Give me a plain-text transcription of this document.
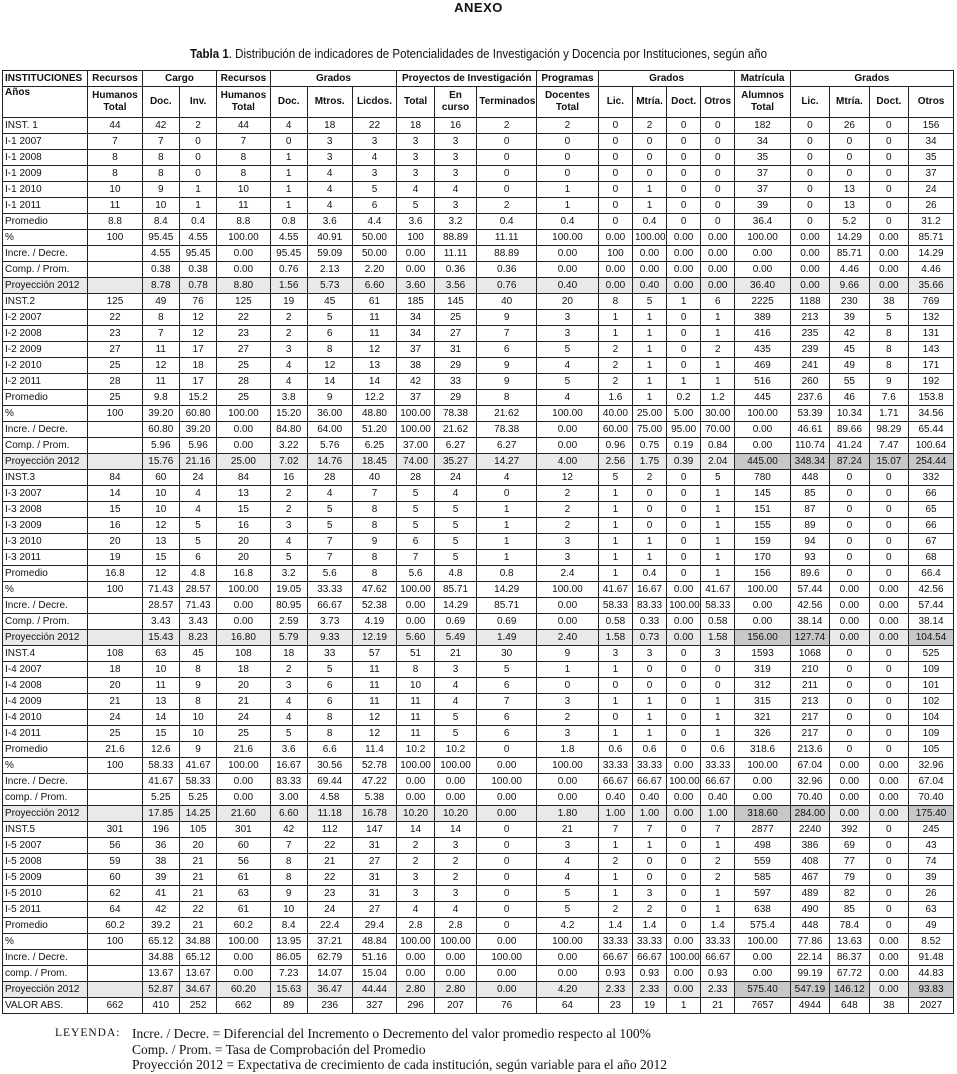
ANEXO
Tabla 1. Distribución de indicadores de Potencialidades de Investigación y Docencia por Instituciones, según año
INSTITUCIONES	Recursos	Cargo		Recursos	Grados			Proyectos de Investigación			Programas	Grados				Matrícula	Grados			
Años	Humanos Total	Doc.	Inv.	Humanos Total	Doc.	Mtros.	Licdos.	Total	En curso	Terminados	Docentes Total	Lic.	Mtría.	Doct.	Otros	Alumnos Total	Lic.	Mtría.	Doct.	Otros
INST. 1	44	42	2	44	4	18	22	18	16	2	2	0	2	0	0	182	0	26	0	156
I-1 2007	7	7	0	7	0	3	3	3	3	0	0	0	0	0	0	34	0	0	0	34
I-1 2008	8	8	0	8	1	3	4	3	3	0	0	0	0	0	0	35	0	0	0	35
I-1 2009	8	8	0	8	1	4	3	3	3	0	0	0	0	0	0	37	0	0	0	37
I-1 2010	10	9	1	10	1	4	5	4	4	0	1	0	1	0	0	37	0	13	0	24
I-1 2011	11	10	1	11	1	4	6	5	3	2	1	0	1	0	0	39	0	13	0	26
Promedio	8.8	8.4	0.4	8.8	0.8	3.6	4.4	3.6	3.2	0.4	0.4	0	0.4	0	0	36.4	0	5.2	0	31.2
%	100	95.45	4.55	100.00	4.55	40.91	50.00	100	88.89	11.11	100.00	0.00	100.00	0.00	0.00	100.00	0.00	14.29	0.00	85.71
Incre. / Decre.		4.55	95.45	0.00	95.45	59.09	50.00	0.00	11.11	88.89	0.00	100	0.00	0.00	0.00	0.00	0.00	85.71	0.00	14.29
Comp. / Prom.		0.38	0.38	0.00	0.76	2.13	2.20	0.00	0.36	0.36	0.00	0.00	0.00	0.00	0.00	0.00	0.00	4.46	0.00	4.46
Proyección 2012		8.78	0.78	8.80	1.56	5.73	6.60	3.60	3.56	0.76	0.40	0.00	0.40	0.00	0.00	36.40	0.00	9.66	0.00	35.66
INST.2	125	49	76	125	19	45	61	185	145	40	20	8	5	1	6	2225	1188	230	38	769
I-2 2007	22	8	12	22	2	5	11	34	25	9	3	1	1	0	1	389	213	39	5	132
I-2 2008	23	7	12	23	2	6	11	34	27	7	3	1	1	0	1	416	235	42	8	131
I-2 2009	27	11	17	27	3	8	12	37	31	6	5	2	1	0	2	435	239	45	8	143
I-2 2010	25	12	18	25	4	12	13	38	29	9	4	2	1	0	1	469	241	49	8	171
I-2 2011	28	11	17	28	4	14	14	42	33	9	5	2	1	1	1	516	260	55	9	192
Promedio	25	9.8	15.2	25	3.8	9	12.2	37	29	8	4	1.6	1	0.2	1.2	445	237.6	46	7.6	153.8
%	100	39.20	60.80	100.00	15.20	36.00	48.80	100.00	78.38	21.62	100.00	40.00	25.00	5.00	30.00	100.00	53.39	10.34	1.71	34.56
Incre. / Decre.		60.80	39.20	0.00	84.80	64.00	51.20	100.00	21.62	78.38	0.00	60.00	75.00	95.00	70.00	0.00	46.61	89.66	98.29	65.44
Comp. / Prom.		5.96	5.96	0.00	3.22	5.76	6.25	37.00	6.27	6.27	0.00	0.96	0.75	0.19	0.84	0.00	110.74	41.24	7.47	100.64
Proyección 2012		15.76	21.16	25.00	7.02	14.76	18.45	74.00	35.27	14.27	4.00	2.56	1.75	0.39	2.04	445.00	348.34	87.24	15.07	254.44
INST.3	84	60	24	84	16	28	40	28	24	4	12	5	2	0	5	780	448	0	0	332
I-3 2007	14	10	4	13	2	4	7	5	4	0	2	1	0	0	1	145	85	0	0	66
I-3 2008	15	10	4	15	2	5	8	5	5	1	2	1	0	0	1	151	87	0	0	65
I-3 2009	16	12	5	16	3	5	8	5	5	1	2	1	0	0	1	155	89	0	0	66
I-3 2010	20	13	5	20	4	7	9	6	5	1	3	1	1	0	1	159	94	0	0	67
I-3 2011	19	15	6	20	5	7	8	7	5	1	3	1	1	0	1	170	93	0	0	68
Promedio	16.8	12	4.8	16.8	3.2	5.6	8	5.6	4.8	0.8	2.4	1	0.4	0	1	156	89.6	0	0	66.4
%	100	71.43	28.57	100.00	19.05	33.33	47.62	100.00	85.71	14.29	100.00	41.67	16.67	0.00	41.67	100.00	57.44	0.00	0.00	42.56
Incre. / Decre.		28.57	71.43	0.00	80.95	66.67	52.38	0.00	14.29	85.71	0.00	58.33	83.33	100.00	58.33	0.00	42.56	0.00	0.00	57.44
Comp. / Prom.		3.43	3.43	0.00	2.59	3.73	4.19	0.00	0.69	0.69	0.00	0.58	0.33	0.00	0.58	0.00	38.14	0.00	0.00	38.14
Proyección 2012		15.43	8.23	16.80	5.79	9.33	12.19	5.60	5.49	1.49	2.40	1.58	0.73	0.00	1.58	156.00	127.74	0.00	0.00	104.54
INST.4	108	63	45	108	18	33	57	51	21	30	9	3	3	0	3	1593	1068	0	0	525
I-4 2007	18	10	8	18	2	5	11	8	3	5	1	1	0	0	0	319	210	0	0	109
I-4 2008	20	11	9	20	3	6	11	10	4	6	0	0	0	0	0	312	211	0	0	101
I-4 2009	21	13	8	21	4	6	11	11	4	7	3	1	1	0	1	315	213	0	0	102
I-4 2010	24	14	10	24	4	8	12	11	5	6	2	0	1	0	1	321	217	0	0	104
I-4 2011	25	15	10	25	5	8	12	11	5	6	3	1	1	0	1	326	217	0	0	109
Promedio	21.6	12.6	9	21.6	3.6	6.6	11.4	10.2	10.2	0	1.8	0.6	0.6	0	0.6	318.6	213.6	0	0	105
%	100	58.33	41.67	100.00	16.67	30.56	52.78	100.00	100.00	0.00	100.00	33.33	33.33	0.00	33.33	100.00	67.04	0.00	0.00	32.96
Incre. / Decre.		41.67	58.33	0.00	83.33	69.44	47.22	0.00	0.00	100.00	0.00	66.67	66.67	100.00	66.67	0.00	32.96	0.00	0.00	67.04
comp. / Prom.		5.25	5.25	0.00	3.00	4.58	5.38	0.00	0.00	0.00	0.00	0.40	0.40	0.00	0.40	0.00	70.40	0.00	0.00	70.40
Proyección 2012		17.85	14.25	21.60	6.60	11.18	16.78	10.20	10.20	0.00	1.80	1.00	1.00	0.00	1.00	318.60	284.00	0.00	0.00	175.40
INST.5	301	196	105	301	42	112	147	14	14	0	21	7	7	0	7	2877	2240	392	0	245
I-5 2007	56	36	20	60	7	22	31	2	3	0	3	1	1	0	1	498	386	69	0	43
I-5 2008	59	38	21	56	8	21	27	2	2	0	4	2	0	0	2	559	408	77	0	74
I-5 2009	60	39	21	61	8	22	31	3	2	0	4	1	0	0	2	585	467	79	0	39
I-5 2010	62	41	21	63	9	23	31	3	3	0	5	1	3	0	1	597	489	82	0	26
I-5 2011	64	42	22	61	10	24	27	4	4	0	5	2	2	0	1	638	490	85	0	63
Promedio	60.2	39.2	21	60.2	8.4	22.4	29.4	2.8	2.8	0	4.2	1.4	1.4	0	1.4	575.4	448	78.4	0	49
%	100	65.12	34.88	100.00	13.95	37.21	48.84	100.00	100.00	0.00	100.00	33.33	33.33	0.00	33.33	100.00	77.86	13.63	0.00	8.52
Incre. / Decre.		34.88	65.12	0.00	86.05	62.79	51.16	0.00	0.00	100.00	0.00	66.67	66.67	100.00	66.67	0.00	22.14	86.37	0.00	91.48
comp. / Prom.		13.67	13.67	0.00	7.23	14.07	15.04	0.00	0.00	0.00	0.00	0.93	0.93	0.00	0.93	0.00	99.19	67.72	0.00	44.83
Proyección 2012		52.87	34.67	60.20	15.63	36.47	44.44	2.80	2.80	0.00	4.20	2.33	2.33	0.00	2.33	575.40	547.19	146.12	0.00	93.83
VALOR ABS.	662	410	252	662	89	236	327	296	207	76	64	23	19	1	21	7657	4944	648	38	2027
LEYENDA: Incre. / Decre. = Diferencial del Incremento o Decremento del valor promedio respecto al 100%
Comp. / Prom. = Tasa de Comprobación del Promedio
Proyección 2012 = Expectativa de crecimiento de cada institución, según variable para el año 2012
